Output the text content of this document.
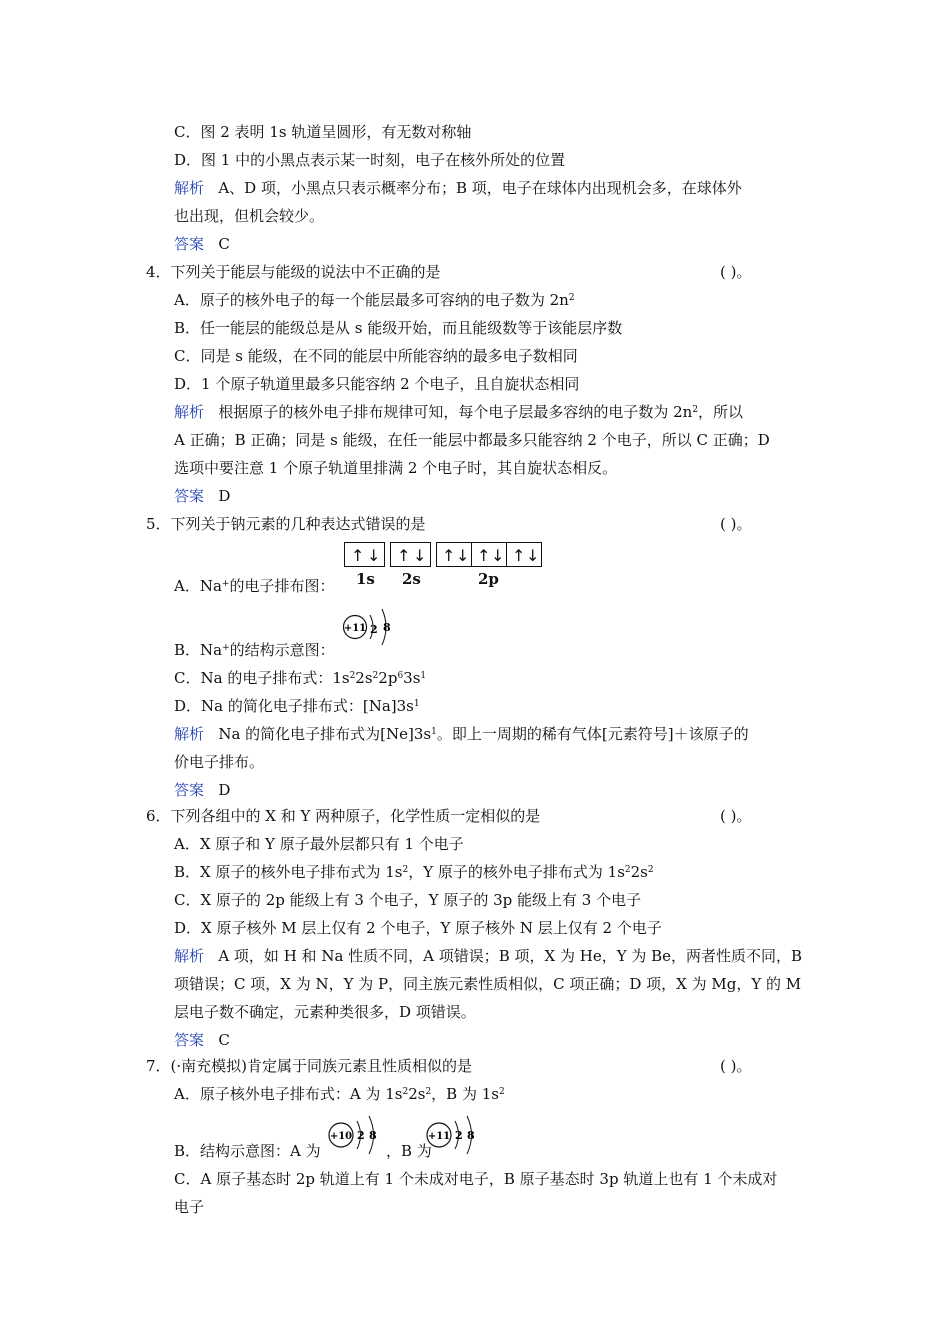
C．图 2 表明 1s 轨道呈圆形，有无数对称轴
D．图 1 中的小黑点表示某一时刻，电子在核外所处的位置
解析 A、D 项，小黑点只表示概率分布；B 项，电子在球体内出现机会多，在球体外
也出现，但机会较少。
答案 C
4．下列关于能层与能级的说法中不正确的是	( )。
A．原子的核外电子的每一个能层最多可容纳的电子数为 $2n^2$
B．任一能层的能级总是从 s 能级开始，而且能级数等于该能层序数
C．同是 s 能级，在不同的能层中所能容纳的最多电子数相同
D．1 个原子轨道里最多只能容纳 2 个电子，且自旋状态相同
解析 根据原子的核外电子排布规律可知，每个电子层最多容纳的电子数为 $2n^2$，所以
A 正确；B 正确；同是 s 能级，在任一能层中都最多只能容纳 2 个电子，所以 C 正确；D
选项中要注意 1 个原子轨道里排满 2 个电子时，其自旋状态相反。
答案 D
5．下列关于钠元素的几种表达式错误的是	( )。
↑ ↓ ↑ ↓ ↑ ↓ ↑ ↓ ↑ ↓
1s 2s	2p
A．Na+的电子排布图：
+11 2 8
B．Na+的结构示意图：
C．Na 的电子排布式：$1s^22s^22p^63s^1$
D．Na 的简化电子排布式：$[Na]3s^1$
解析 Na 的简化电子排布式为$[Ne]3s^1$。即上一周期的稀有气体[元素符号]＋该原子的
价电子排布。
答案 D
6．下列各组中的 X 和 Y 两种原子，化学性质一定相似的是	( )。
A．X 原子和 Y 原子最外层都只有 1 个电子
B．X 原子的核外电子排布式为 $1s^2$，Y 原子的核外电子排布式为 $1s^22s^2$
C．X 原子的 2p 能级上有 3 个电子，Y 原子的 3p 能级上有 3 个电子
D．X 原子核外 M 层上仅有 2 个电子，Y 原子核外 N 层上仅有 2 个电子
解析 A 项，如 H 和 Na 性质不同，A 项错误；B 项，X 为 He，Y 为 Be，两者性质不同，B
项错误；C 项，X 为 N，Y 为 P，同主族元素性质相似，C 项正确；D 项，X 为 Mg，Y 的 M
层电子数不确定，元素种类很多，D 项错误。
答案 C
7．(·南充模拟)肯定属于同族元素且性质相似的是	( )。
A．原子核外电子排布式：A 为 $1s^22s^2$，B 为 $1s^2$
B．结构示意图：A 为
+10 2 8
，B 为
+11 2 8
C．A 原子基态时 2p 轨道上有 1 个未成对电子，B 原子基态时 3p 轨道上也有 1 个未成对
电子
